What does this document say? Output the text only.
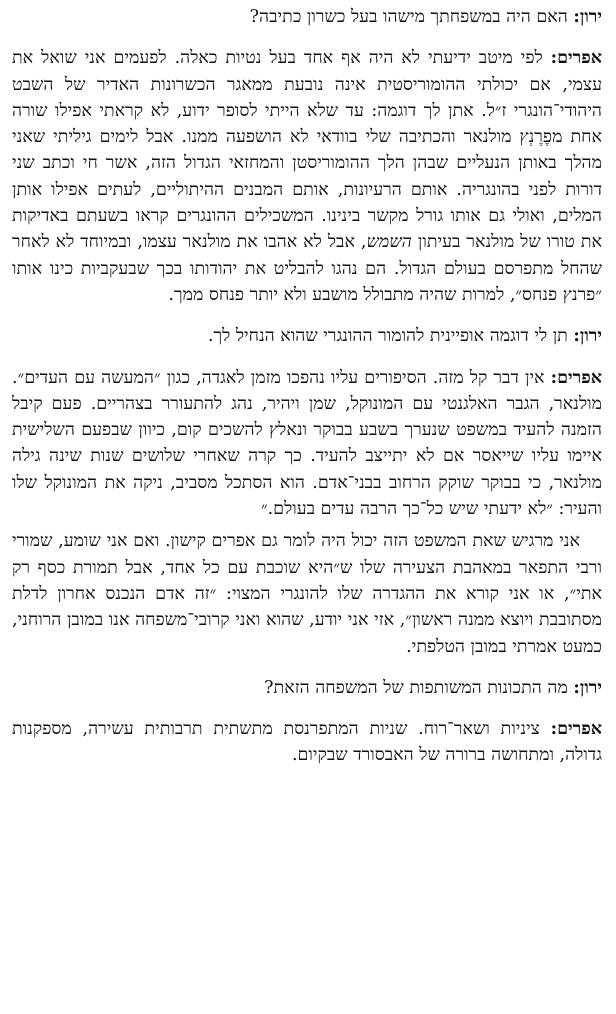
ירון: האם היה במשפחתך מישהו בעל כשרון כתיבה?

אפרים: לפי מיטב ידיעתי לא היה אף אחד בעל נטיות כאלה. לפעמים אני שואל את עצמי, אם יכולתי ההומוריסטית אינה נובעת ממאגר הכשרונות האדיר של השבט היהודי־הונגרי ז״ל. אתן לך דוגמה: עד שלא הייתי לסופר ידוע, לא קראתי אפילו שורה אחת מפֶרֶנְץ מולנאר והכתיבה שלי בוודאי לא הושפעה ממנו. אבל לימים גיליתי שאני מהלך באותן הנעליים שבהן הלך ההומוריסטן והמחזאי הגדול הזה, אשר חי וכתב שני דורות לפני בהונגריה. אותם הרעיונות, אותם המבנים ההיתוליים, לעתים אפילו אותן המלים, ואולי גם אותו גורל מקשר בינינו. המשכילים ההונגרים קראו בשעתם באדיקות את טורו של מולנאר בעיתון השמש, אבל לא אהבו את מולנאר עצמו, ובמיוחד לא לאחר שהחל מתפרסם בעולם הגדול. הם נהגו להבליט את יהודותו בכך שבעקביות כינו אותו ״פרנץ פנחס״, למרות שהיה מתבולל מושבע ולא יותר פנחס ממך.

ירון: תן לי דוגמה אופיינית להומור ההונגרי שהוא הנחיל לך.

אפרים: אין דבר קל מזה. הסיפורים עליו נהפכו מזמן לאגדה, כגון ״המעשה עם העדים״. מולנאר, הגבר האלגנטי עם המונוקל, שמן ויהיר, נהג להתעורר בצהריים. פעם קיבל הזמנה להעיד במשפט שנערך בשבע בבוקר ונאלץ להשכים קום, כיוון שבפעם השלישית איימו עליו שייאסר אם לא יתייצב להעיד. כך קרה שאחרי שלושים שנות שינה גילה מולנאר, כי בבוקר שוקק הרחוב בבני־אדם. הוא הסתכל מסביב, ניקה את המונוקל שלו והעיר: ״לא ידעתי שיש כל־כך הרבה עדים בעולם.״

אני מרגיש שאת המשפט הזה יכול היה לומר גם אפרים קישון. ואם אני שומע, שמורי ורבי התפאר במאהבת הצעירה שלו ש״היא שוכבת עם כל אחד, אבל תמורת כסף רק אתי״, או אני קורא את ההגדרה שלו להונגרי המצוי: ״זה אדם הנכנס אחרון לדלת מסתובבת ויוצא ממנה ראשון״, אזי אני יודע, שהוא ואני קרובי־משפחה אנו במובן הרוחני, כמעט אמרתי במובן הטלפתי.

ירון: מה התכונות המשותפות של המשפחה הזאת?

אפרים: ציניות ושאר־רוח. שניות המתפרנסת מתשתית תרבותית עשירה, מספקנות גדולה, ומתחושה ברורה של האבסורד שבקיום.
